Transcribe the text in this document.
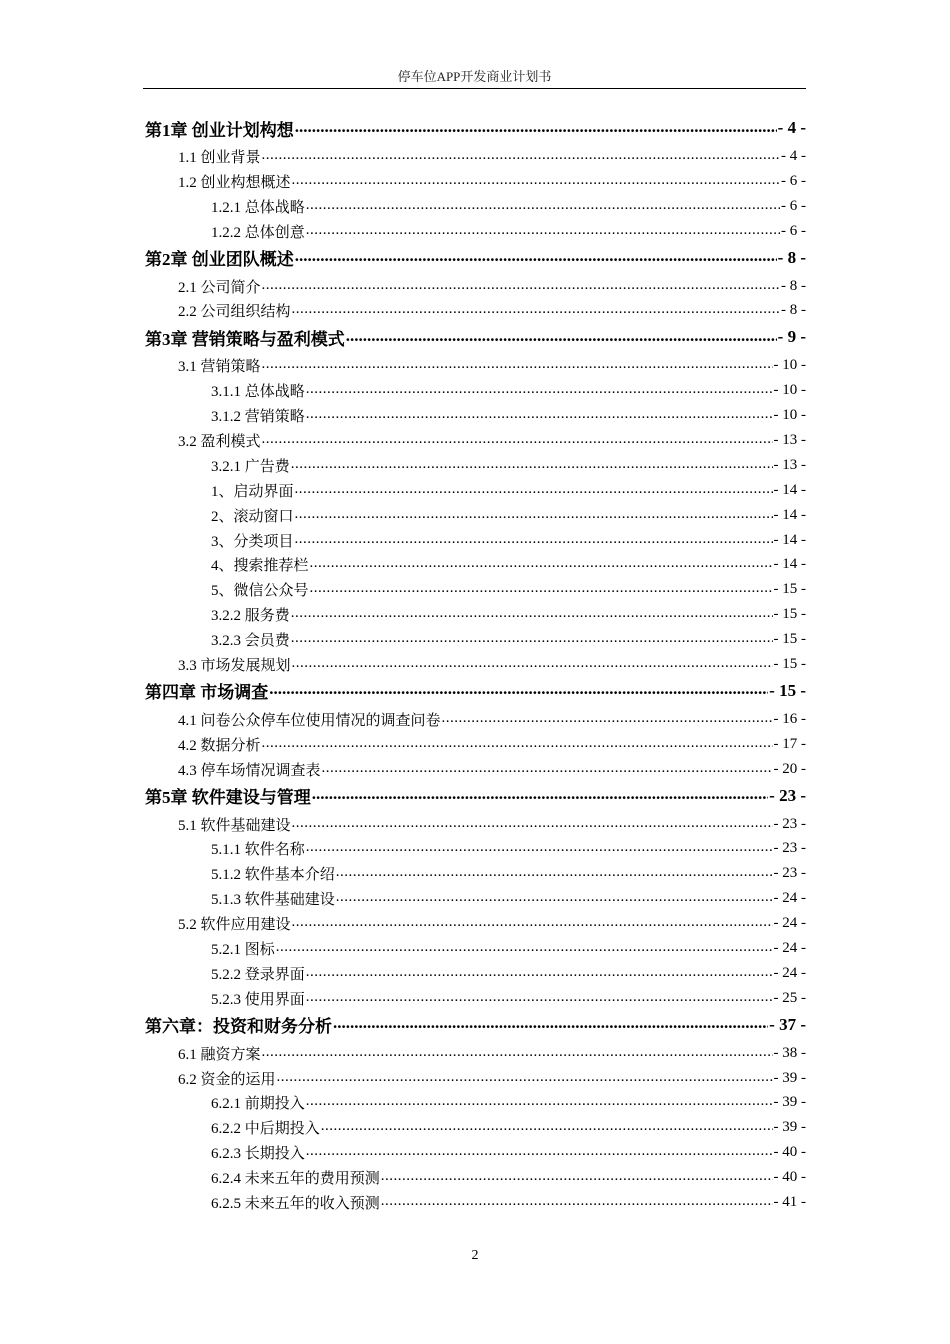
停车位APP开发商业计划书
第1章 创业计划构想 .....	- 4 -
1.1 创业背景 .....	- 4 -
1.2 创业构想概述 .....	- 6 -
1.2.1 总体战略 .....	- 6 -
1.2.2 总体创意 .....	- 6 -
第2章 创业团队概述 .....	- 8 -
2.1 公司简介 .....	- 8 -
2.2 公司组织结构 .....	- 8 -
第3章 营销策略与盈利模式 .....	- 9 -
3.1 营销策略 .....	- 10 -
3.1.1 总体战略 .....	- 10 -
3.1.2 营销策略 .....	- 10 -
3.2 盈利模式 .....	- 13 -
3.2.1 广告费 .....	- 13 -
1、启动界面 .....	- 14 -
2、滚动窗口 .....	- 14 -
3、分类项目 .....	- 14 -
4、搜索推荐栏 .....	- 14 -
5、微信公众号 .....	- 15 -
3.2.2 服务费 .....	- 15 -
3.2.3 会员费 .....	- 15 -
3.3 市场发展规划 .....	- 15 -
第四章 市场调查 .....	- 15 -
4.1 问卷公众停车位使用情况的调查问卷 .....	- 16 -
4.2 数据分析 .....	- 17 -
4.3 停车场情况调查表 .....	- 20 -
第5章 软件建设与管理 .....	- 23 -
5.1 软件基础建设 .....	- 23 -
5.1.1 软件名称 .....	- 23 -
5.1.2 软件基本介绍 .....	- 23 -
5.1.3 软件基础建设 .....	- 24 -
5.2 软件应用建设 .....	- 24 -
5.2.1 图标 .....	- 24 -
5.2.2 登录界面 .....	- 24 -
5.2.3 使用界面 .....	- 25 -
第六章：投资和财务分析 .....	- 37 -
6.1 融资方案 .....	- 38 -
6.2 资金的运用 .....	- 39 -
6.2.1 前期投入 .....	- 39 -
6.2.2 中后期投入 .....	- 39 -
6.2.3 长期投入 .....	- 40 -
6.2.4 未来五年的费用预测 .....	- 40 -
6.2.5 未来五年的收入预测 .....	- 41 -
2
